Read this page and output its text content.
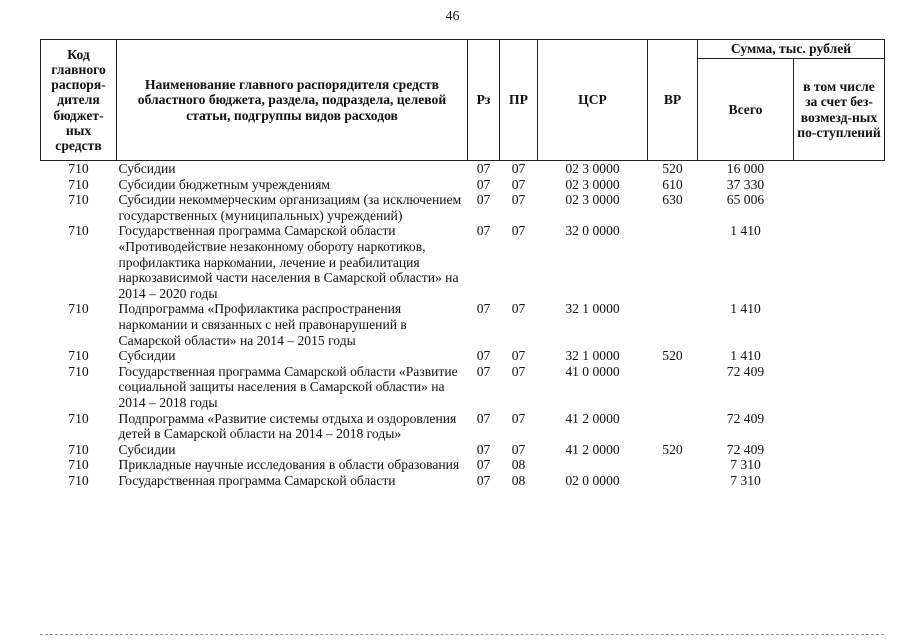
46
Код главного распоря-дителя бюджет-ных средств	Наименование главного распорядителя средств областного бюджета, раздела, подраздела, целевой статьи, подгруппы видов расходов	Рз	ПР	ЦСР	ВР	Сумма, тыс. рублей	
						Всего	в том числе за счет без-возмезд-ных по-ступлений
710	Субсидии	07	07	02 3 0000	520	16 000	
710	Субсидии бюджетным учреждениям	07	07	02 3 0000	610	37 330	
710	Субсидии некоммерческим организациям (за исключением государственных (муниципальных) учреждений)	07	07	02 3 0000	630	65 006	
710	Государственная программа Самарской области «Противодействие незаконному обороту наркотиков, профилактика наркомании, лечение и реабилитация наркозависимой части населения в Самарской области» на 2014 – 2020 годы	07	07	32 0 0000		1 410	
710	Подпрограмма «Профилактика распространения наркомании и связанных с ней правонарушений в Самарской области» на 2014 – 2015 годы	07	07	32 1 0000		1 410	
710	Субсидии	07	07	32 1 0000	520	1 410	
710	Государственная программа Самарской области «Развитие социальной защиты населения в Самарской области» на 2014 – 2018 годы	07	07	41 0 0000		72 409	
710	Подпрограмма «Развитие системы отдыха и оздоровления детей в Самарской области на 2014 – 2018 годы»	07	07	41 2 0000		72 409	
710	Субсидии	07	07	41 2 0000	520	72 409	
710	Прикладные научные исследования в области образования	07	08			7 310	
710	Государственная программа Самарской области	07	08	02 0 0000		7 310	
